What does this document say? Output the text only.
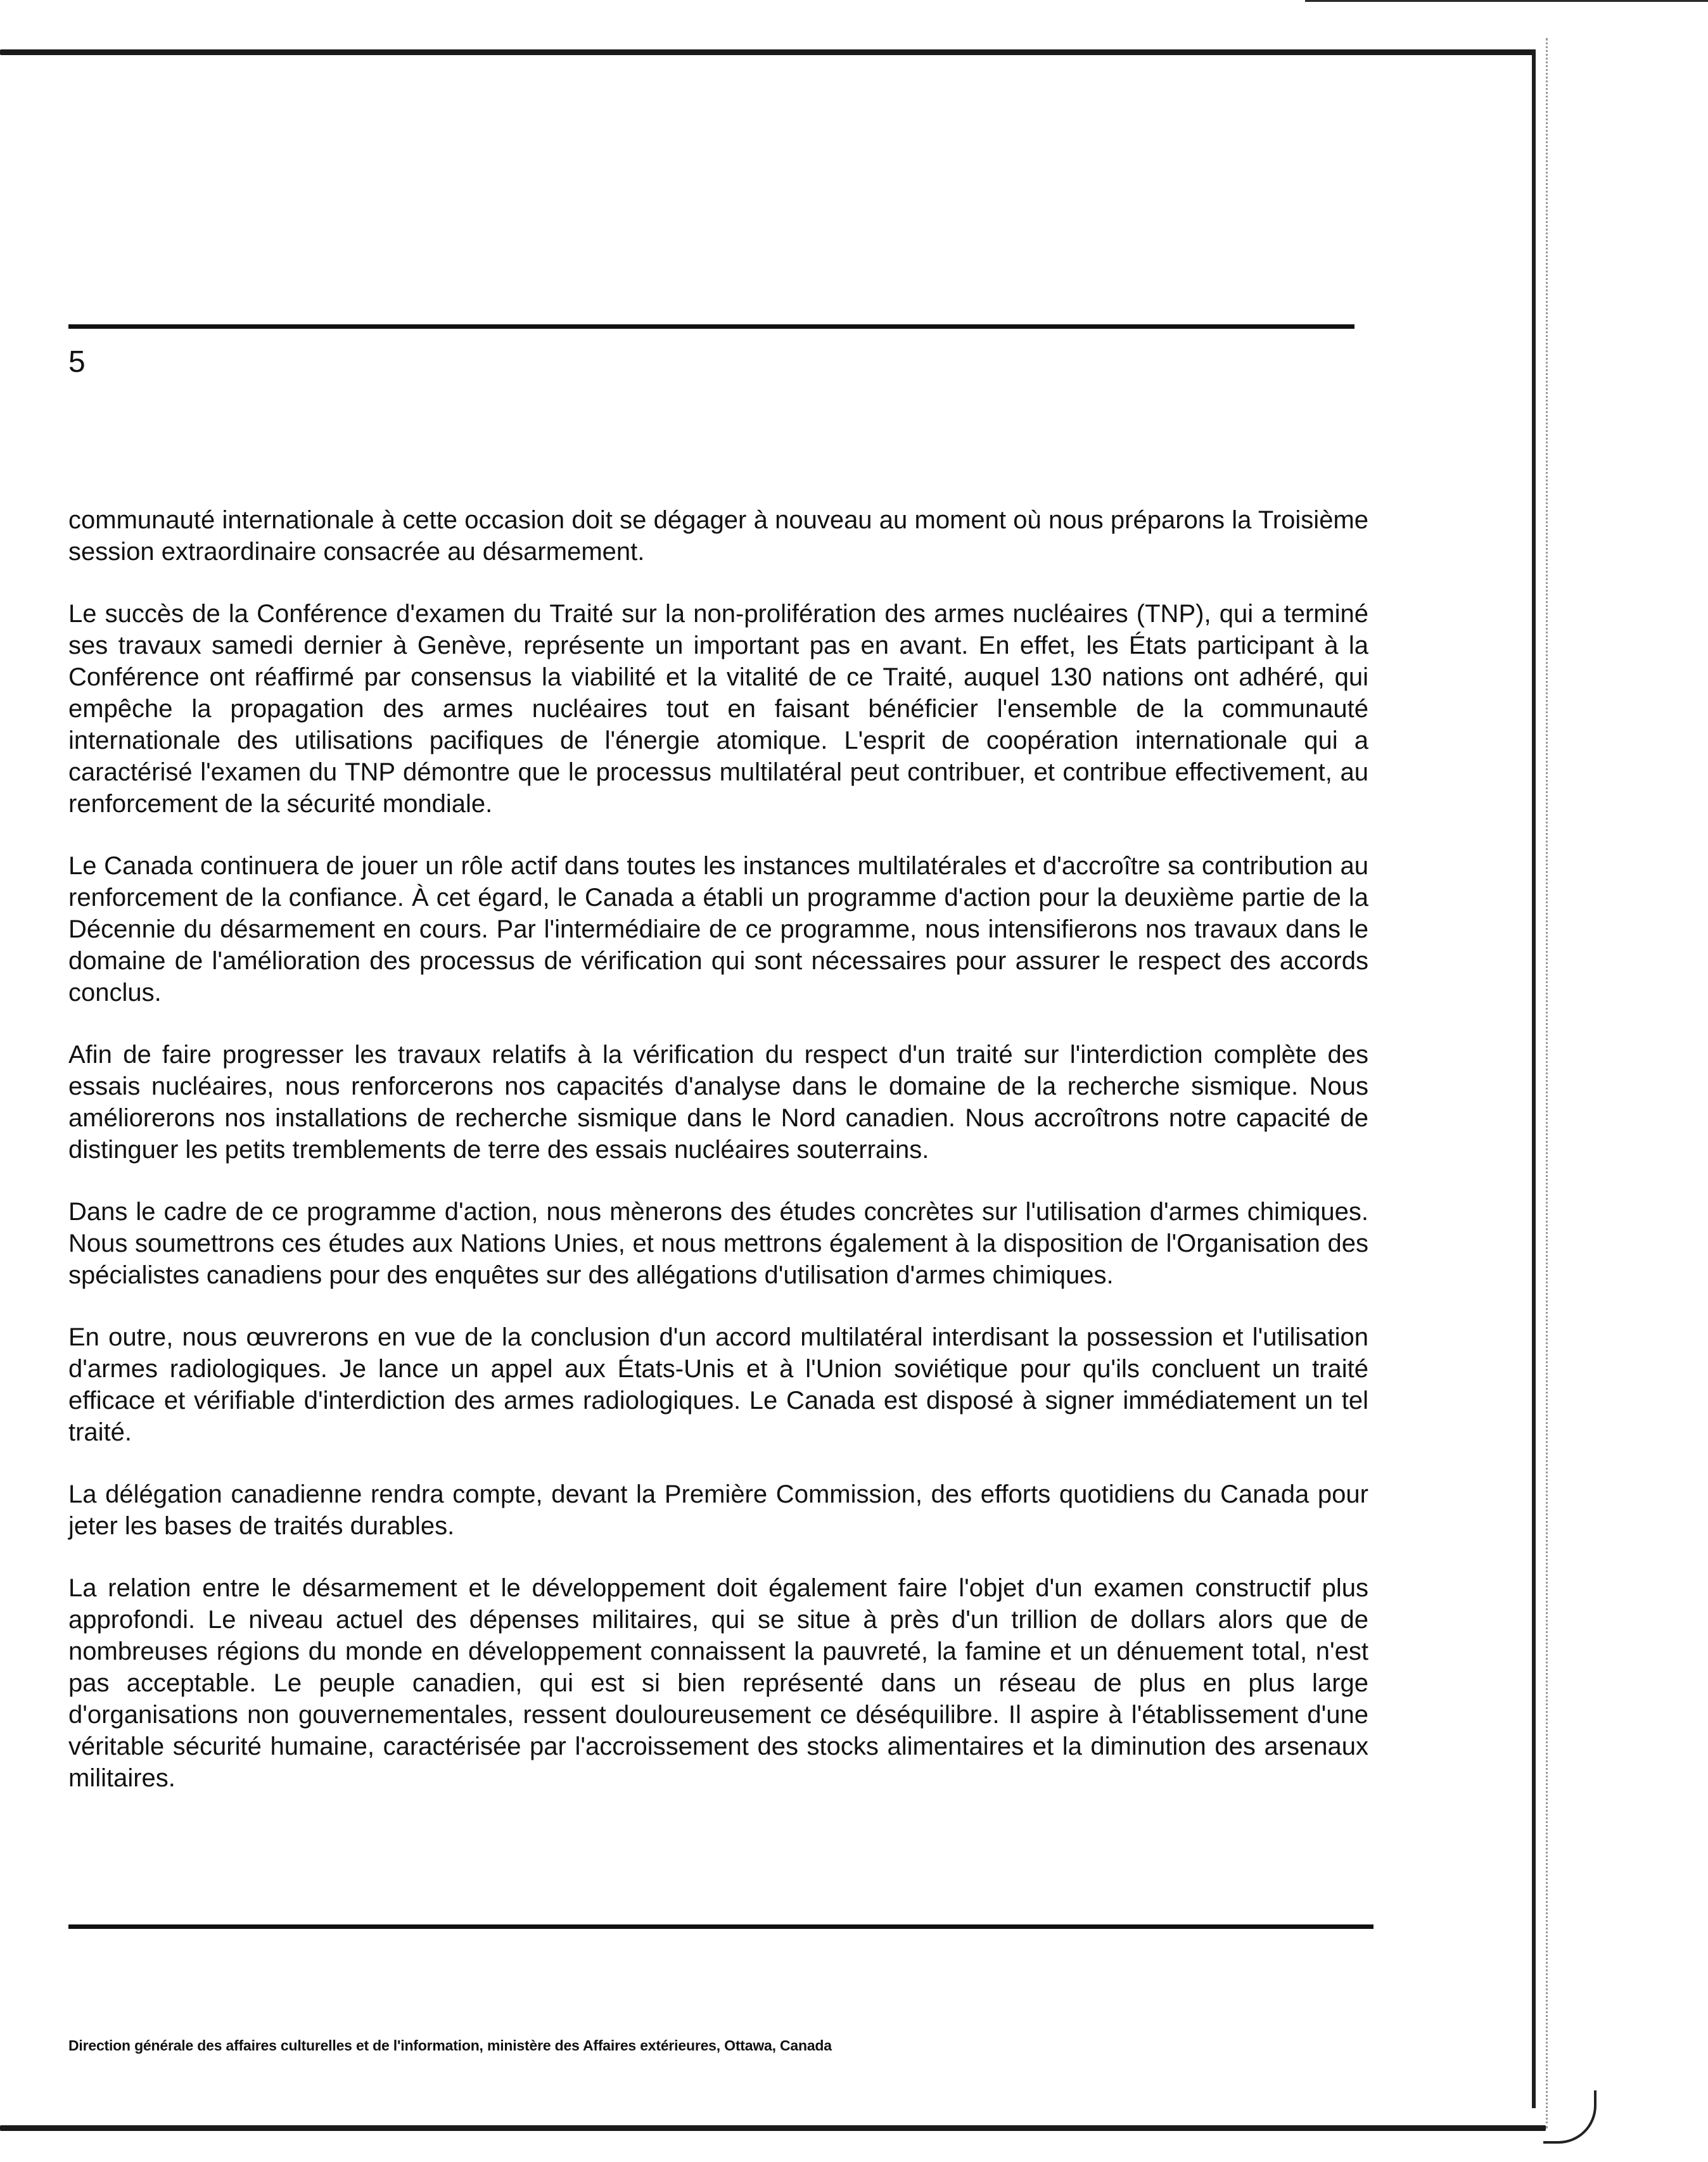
5

communauté internationale à cette occasion doit se dégager à nouveau au moment où nous préparons la Troisième session extraordinaire consacrée au désarmement.

Le succès de la Conférence d'examen du Traité sur la non-prolifération des armes nucléaires (TNP), qui a terminé ses travaux samedi dernier à Genève, représente un important pas en avant. En effet, les États participant à la Conférence ont réaffirmé par consensus la viabilité et la vitalité de ce Traité, auquel 130 nations ont adhéré, qui empêche la propagation des armes nucléaires tout en faisant bénéficier l'ensemble de la communauté internationale des utilisations pacifiques de l'énergie atomique. L'esprit de coopération internationale qui a caractérisé l'examen du TNP démontre que le processus multilatéral peut contribuer, et contribue effectivement, au renforcement de la sécurité mondiale.

Le Canada continuera de jouer un rôle actif dans toutes les instances multilatérales et d'accroître sa contribution au renforcement de la confiance. À cet égard, le Canada a établi un programme d'action pour la deuxième partie de la Décennie du désarmement en cours. Par l'intermédiaire de ce programme, nous intensifierons nos travaux dans le domaine de l'amélioration des processus de vérification qui sont nécessaires pour assurer le respect des accords conclus.

Afin de faire progresser les travaux relatifs à la vérification du respect d'un traité sur l'interdiction complète des essais nucléaires, nous renforcerons nos capacités d'analyse dans le domaine de la recherche sismique. Nous améliorerons nos installations de recherche sismique dans le Nord canadien. Nous accroîtrons notre capacité de distinguer les petits tremblements de terre des essais nucléaires souterrains.

Dans le cadre de ce programme d'action, nous mènerons des études concrètes sur l'utilisation d'armes chimiques. Nous soumettrons ces études aux Nations Unies, et nous mettrons également à la disposition de l'Organisation des spécialistes canadiens pour des enquêtes sur des allégations d'utilisation d'armes chimiques.

En outre, nous œuvrerons en vue de la conclusion d'un accord multilatéral interdisant la possession et l'utilisation d'armes radiologiques. Je lance un appel aux États-Unis et à l'Union soviétique pour qu'ils concluent un traité efficace et vérifiable d'interdiction des armes radiologiques. Le Canada est disposé à signer immédiatement un tel traité.

La délégation canadienne rendra compte, devant la Première Commission, des efforts quotidiens du Canada pour jeter les bases de traités durables.

La relation entre le désarmement et le développement doit également faire l'objet d'un examen constructif plus approfondi. Le niveau actuel des dépenses militaires, qui se situe à près d'un trillion de dollars alors que de nombreuses régions du monde en développement connaissent la pauvreté, la famine et un dénuement total, n'est pas acceptable. Le peuple canadien, qui est si bien représenté dans un réseau de plus en plus large d'organisations non gouvernementales, ressent douloureusement ce déséquilibre. Il aspire à l'établissement d'une véritable sécurité humaine, caractérisée par l'accroissement des stocks alimentaires et la diminution des arsenaux militaires.

Direction générale des affaires culturelles et de l'information, ministère des Affaires extérieures, Ottawa, Canada
